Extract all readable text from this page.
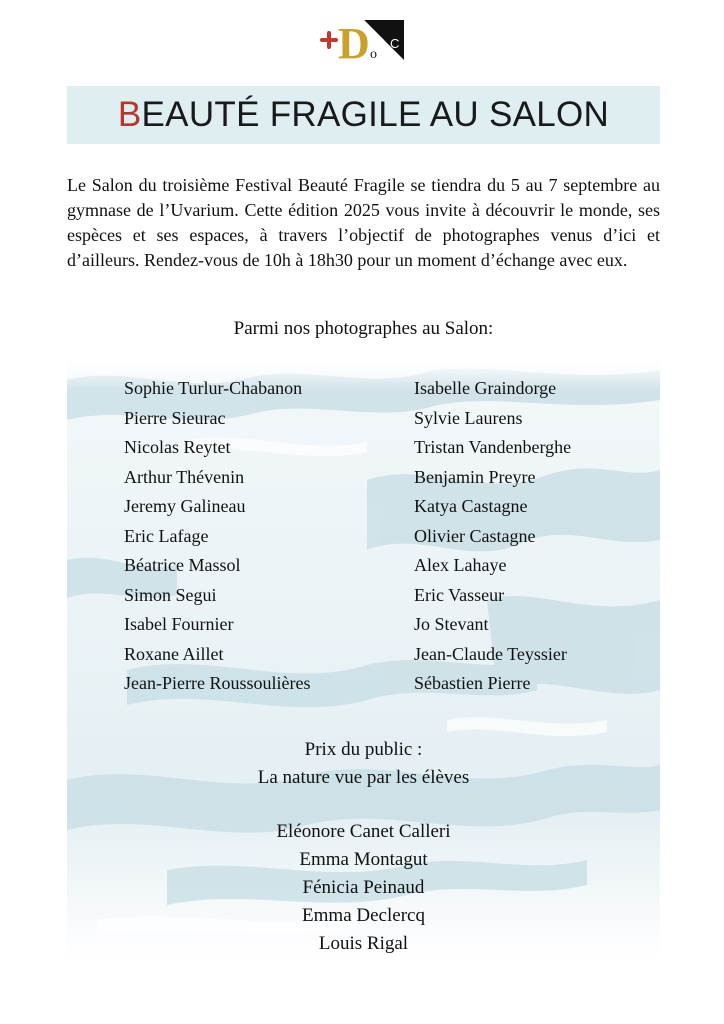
D o
C
BEAUTÉ FRAGILE AU SALON

Le Salon du troisième Festival Beauté Fragile se tiendra du 5 au 7 septembre au gymnase de l’Uvarium. Cette édition 2025 vous invite à découvrir le monde, ses espèces et ses espaces, à travers l’objectif de photographes venus d’ici et d’ailleurs. Rendez-vous de 10h à 18h30 pour un moment d’échange avec eux.

Parmi nos photographes au Salon:
Sophie Turlur-Chabanon
Pierre Sieurac
Nicolas Reytet
Arthur Thévenin
Jeremy Galineau
Eric Lafage
Béatrice Massol
Simon Segui
Isabel Fournier
Roxane Aillet
Jean-Pierre Roussoulières
Isabelle Graindorge
Sylvie Laurens
Tristan Vandenberghe
Benjamin Preyre
Katya Castagne
Olivier Castagne
Alex Lahaye
Eric Vasseur
Jo Stevant
Jean-Claude Teyssier
Sébastien Pierre
Prix du public :
La nature vue par les élèves
Eléonore Canet Calleri
Emma Montagut
Fénicia Peinaud
Emma Declercq
Louis Rigal
